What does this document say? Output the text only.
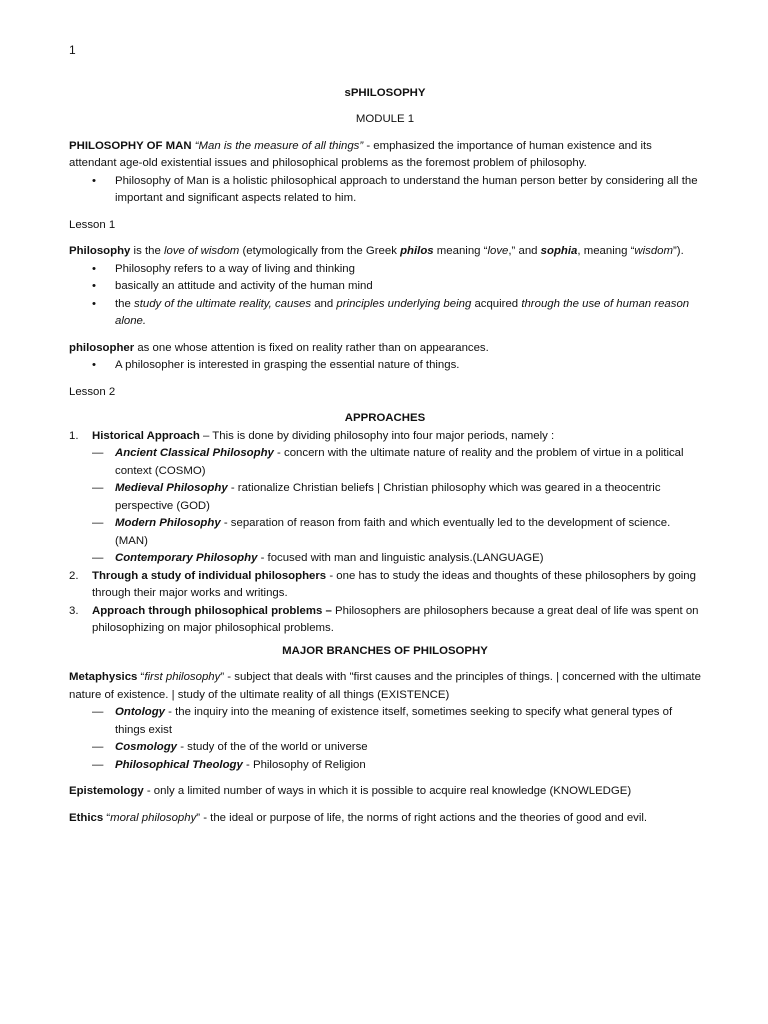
1

sPHILOSOPHY

MODULE 1

PHILOSOPHY OF MAN “Man is the measure of all things” - emphasized the importance of human existence and its attendant age-old existential issues and philosophical problems as the foremost problem of philosophy.

• Philosophy of Man is a holistic philosophical approach to understand the human person better by considering all the important and significant aspects related to him.

Lesson 1

Philosophy is the love of wisdom (etymologically from the Greek philos meaning “love,” and sophia, meaning “wisdom”).

• Philosophy refers to a way of living and thinking
• basically an attitude and activity of the human mind
• the study of the ultimate reality, causes and principles underlying being acquired through the use of human reason alone.

philosopher as one whose attention is fixed on reality rather than on appearances.

• A philosopher is interested in grasping the essential nature of things.

Lesson 2

APPROACHES

1. Historical Approach – This is done by dividing philosophy into four major periods, namely :
— Ancient Classical Philosophy - concern with the ultimate nature of reality and the problem of virtue in a political context (COSMO)
— Medieval Philosophy - rationalize Christian beliefs | Christian philosophy which was geared in a theocentric perspective (GOD)
— Modern Philosophy - separation of reason from faith and which eventually led to the development of science. (MAN)
— Contemporary Philosophy - focused with man and linguistic analysis.(LANGUAGE)
2. Through a study of individual philosophers - one has to study the ideas and thoughts of these philosophers by going through their major works and writings.
3. Approach through philosophical problems – Philosophers are philosophers because a great deal of life was spent on philosophizing on major philosophical problems.

MAJOR BRANCHES OF PHILOSOPHY

Metaphysics “first philosophy” - subject that deals with "first causes and the principles of things. | concerned with the ultimate nature of existence. | study of the ultimate reality of all things (EXISTENCE)

— Ontology - the inquiry into the meaning of existence itself, sometimes seeking to specify what general types of things exist
— Cosmology - study of the of the world or universe
— Philosophical Theology - Philosophy of Religion

Epistemology - only a limited number of ways in which it is possible to acquire real knowledge (KNOWLEDGE)

Ethics “moral philosophy” - the ideal or purpose of life, the norms of right actions and the theories of good and evil.
